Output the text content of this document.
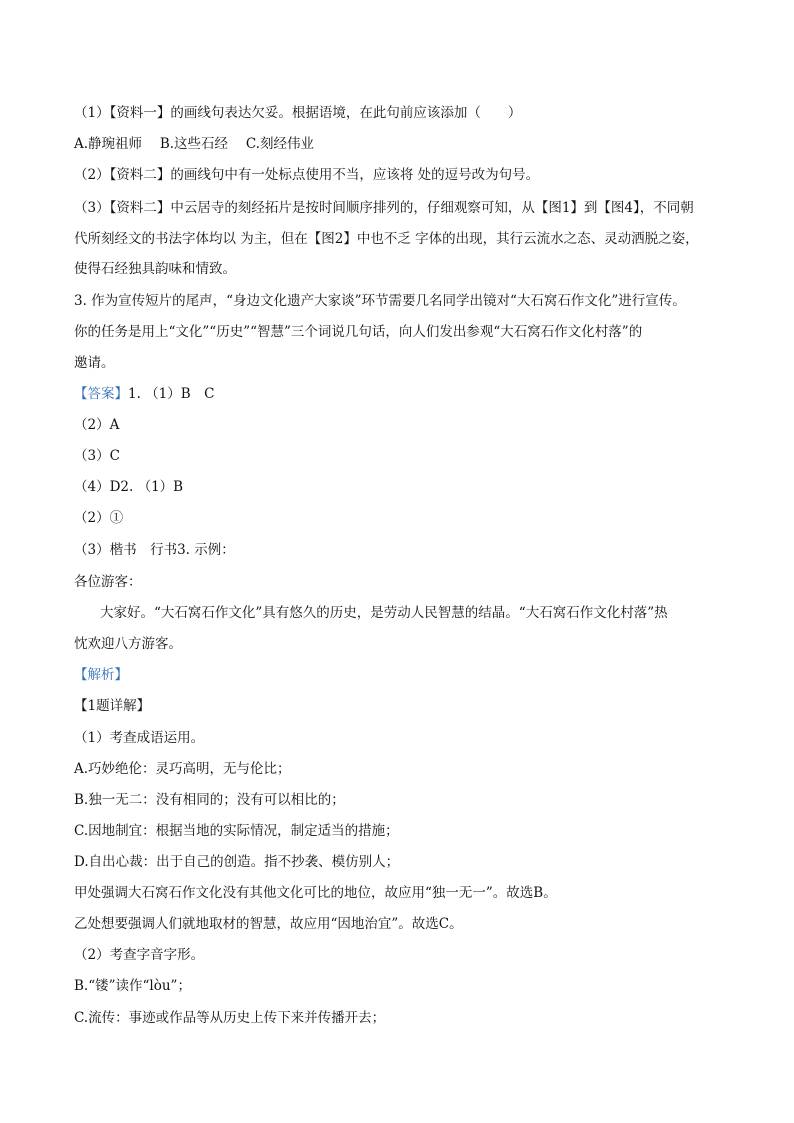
（1）【资料一】的画线句表达欠妥。根据语境，在此句前应该添加（　　）

A.静琬祖师　 B.这些石经　 C.刻经伟业

（2）【资料二】的画线句中有一处标点使用不当，应该将 处的逗号改为句号。

（3）【资料二】中云居寺的刻经拓片是按时间顺序排列的，仔细观察可知，从【图1】到【图4】，不同朝

代所刻经文的书法字体均以 为主，但在【图2】中也不乏 字体的出现，其行云流水之态、灵动洒脱之姿，

使得石经独具韵味和情致。

3. 作为宣传短片的尾声，“身边文化遗产大家谈”环节需要几名同学出镜对“大石窝石作文化”进行宣传。

你的任务是用上“文化”“历史”“智慧”三个词说几句话，向人们发出参观“大石窝石作文化村落”的

邀请。

【答案】1. （1）B　C

（2）A

（3）C

（4）D2. （1）B

（2）①

（3）楷书　行书3. 示例：

各位游客：

大家好。“大石窝石作文化”具有悠久的历史，是劳动人民智慧的结晶。“大石窝石作文化村落”热

忱欢迎八方游客。

【解析】

【1题详解】

（1）考查成语运用。

A.巧妙绝伦：灵巧高明，无与伦比；

B.独一无二：没有相同的；没有可以相比的；

C.因地制宜：根据当地的实际情况，制定适当的措施；

D.自出心裁：出于自己的创造。指不抄袭、模仿别人；

甲处强调大石窝石作文化没有其他文化可比的地位，故应用“独一无一”。故选B。

乙处想要强调人们就地取材的智慧，故应用“因地治宜”。故选C。

（2）考查字音字形。

B.“镂”读作“lòu”；

C.流传：事迹或作品等从历史上传下来并传播开去；
